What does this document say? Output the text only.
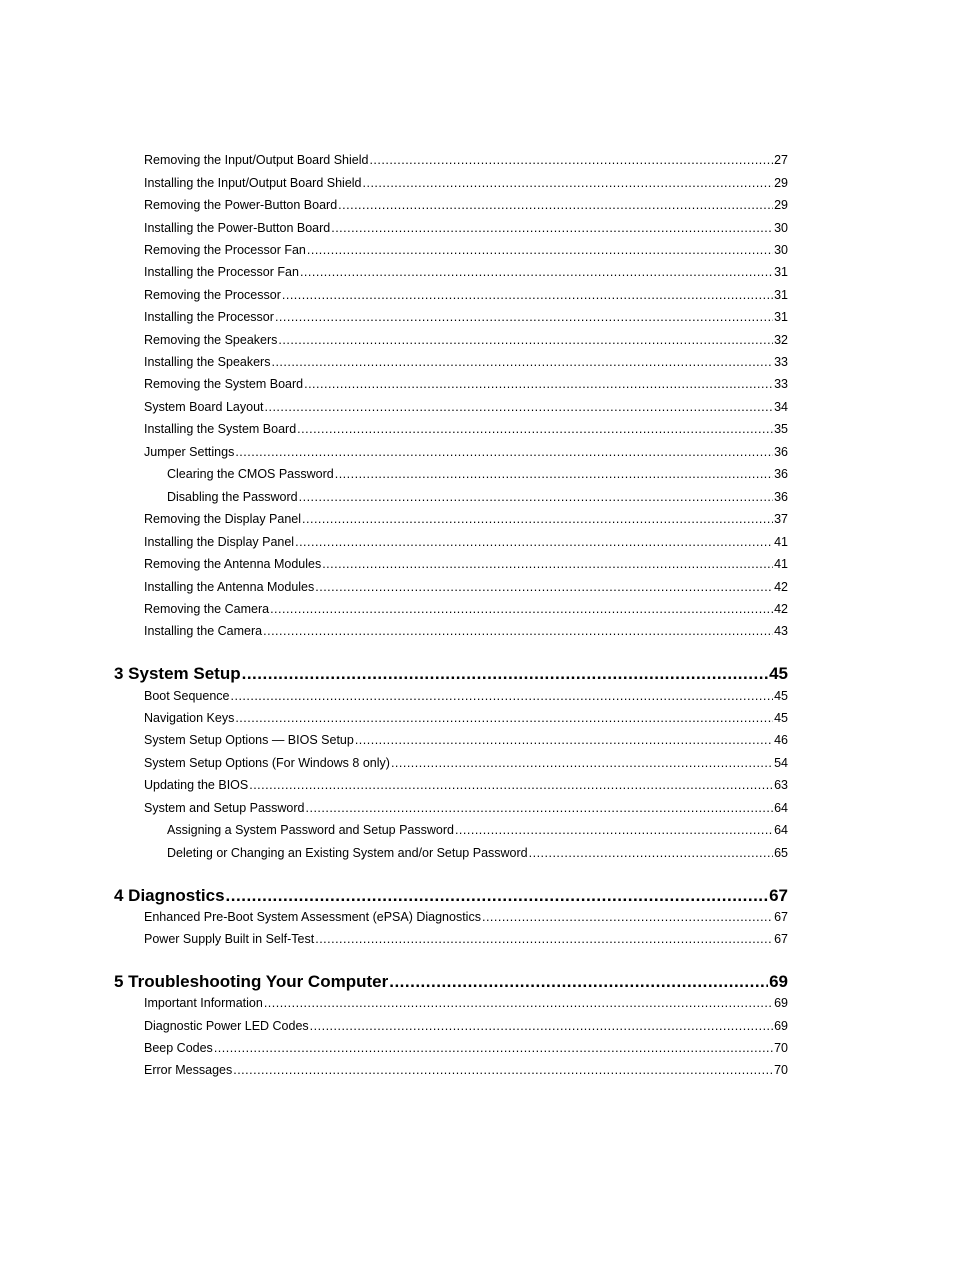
Removing the Input/Output Board Shield .....	27
Installing the Input/Output Board Shield .....	29
Removing the Power-Button Board .....	29
Installing the Power-Button Board .....	30
Removing the Processor Fan .....	30
Installing the Processor Fan .....	31
Removing the Processor .....	31
Installing the Processor .....	31
Removing the Speakers .....	32
Installing the Speakers .....	33
Removing the System Board .....	33
System Board Layout .....	34
Installing the System Board .....	35
Jumper Settings .....	36
Clearing the CMOS Password .....	36
Disabling the Password .....	36
Removing the Display Panel .....	37
Installing the Display Panel .....	41
Removing the Antenna Modules .....	41
Installing the Antenna Modules .....	42
Removing the Camera .....	42
Installing the Camera .....	43
3 System Setup .....	45
Boot Sequence .....	45
Navigation Keys .....	45
System Setup Options — BIOS Setup .....	46
System Setup Options (For Windows 8 only) .....	54
Updating the BIOS .....	63
System and Setup Password .....	64
Assigning a System Password and Setup Password .....	64
Deleting or Changing an Existing System and/or Setup Password .....	65
4 Diagnostics .....	67
Enhanced Pre-Boot System Assessment (ePSA) Diagnostics .....	67
Power Supply Built in Self-Test .....	67
5 Troubleshooting Your Computer .....	69
Important Information .....	69
Diagnostic Power LED Codes .....	69
Beep Codes .....	70
Error Messages .....	70
